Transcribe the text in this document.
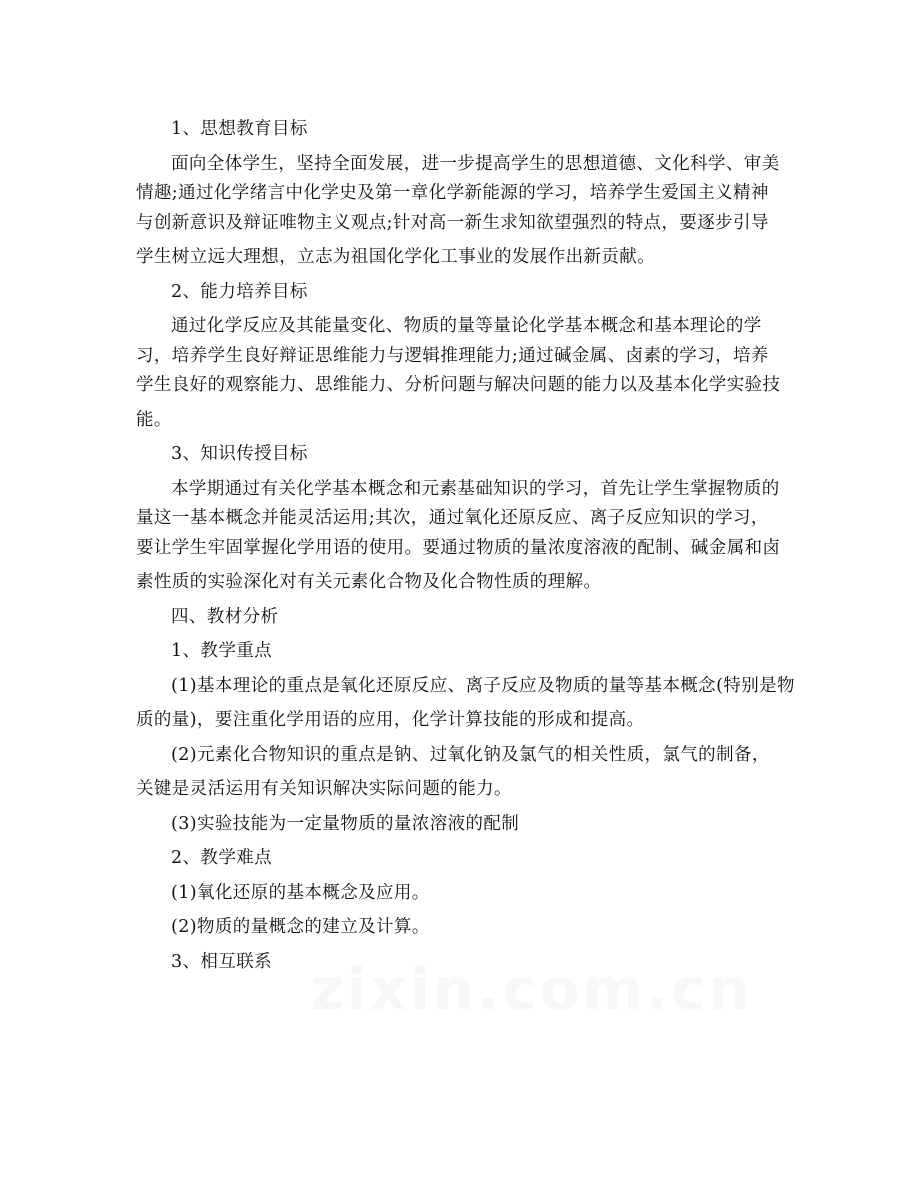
1、思想教育目标
面向全体学生，坚持全面发展，进一步提高学生的思想道德、文化科学、审美
情趣;通过化学绪言中化学史及第一章化学新能源的学习，培养学生爱国主义精神
与创新意识及辩证唯物主义观点;针对高一新生求知欲望强烈的特点，要逐步引导
学生树立远大理想，立志为祖国化学化工事业的发展作出新贡献。
2、能力培养目标
通过化学反应及其能量变化、物质的量等量论化学基本概念和基本理论的学
习，培养学生良好辩证思维能力与逻辑推理能力;通过碱金属、卤素的学习，培养
学生良好的观察能力、思维能力、分析问题与解决问题的能力以及基本化学实验技
能。
3、知识传授目标
本学期通过有关化学基本概念和元素基础知识的学习，首先让学生掌握物质的
量这一基本概念并能灵活运用;其次，通过氧化还原反应、离子反应知识的学习，
要让学生牢固掌握化学用语的使用。要通过物质的量浓度溶液的配制、碱金属和卤
素性质的实验深化对有关元素化合物及化合物性质的理解。
四、教材分析
1、教学重点
(1)基本理论的重点是氧化还原反应、离子反应及物质的量等基本概念(特别是物
质的量)，要注重化学用语的应用，化学计算技能的形成和提高。
(2)元素化合物知识的重点是钠、过氧化钠及氯气的相关性质，氯气的制备，
关键是灵活运用有关知识解决实际问题的能力。
(3)实验技能为一定量物质的量浓溶液的配制
2、教学难点
(1)氧化还原的基本概念及应用。
(2)物质的量概念的建立及计算。
3、相互联系 zixin.com.cn
